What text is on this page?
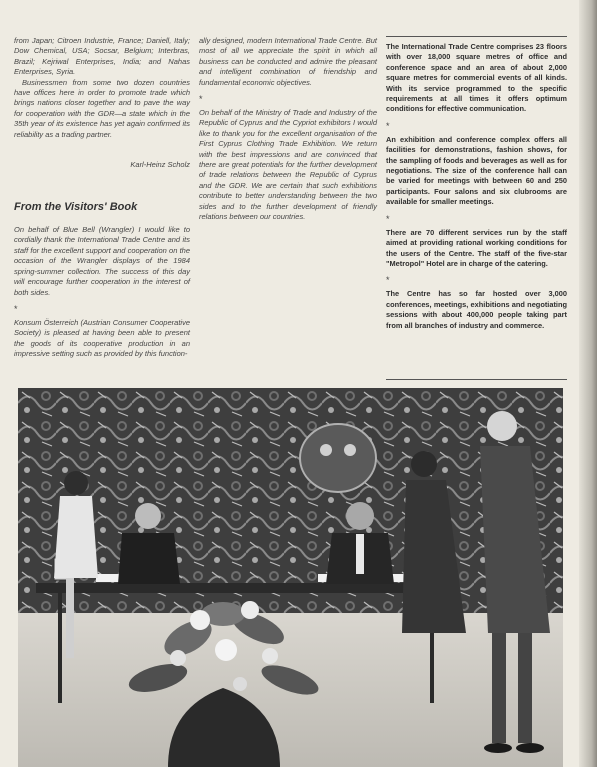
from Japan; Citroen Industrie, France; Daniell, Italy; Dow Chemical, USA; Socsar, Belgium; Interbras, Brazil; Kejriwal Enterprises, India; and Nahas Enterprises, Syria.

Businessmen from some two dozen countries have offices here in order to promote trade which brings nations closer together and to pave the way for cooperation with the GDR—a state which in the 35th year of its existence has yet again confirmed its reliability as a trading partner.

Karl-Heinz Scholz

From the Visitors' Book

On behalf of Blue Bell (Wrangler) I would like to cordially thank the International Trade Centre and its staff for the excellent support and cooperation on the occasion of the Wrangler displays of the 1984 spring-summer collection. The success of this day will encourage further cooperation in the interest of both sides.

*

Konsum Österreich (Austrian Consumer Cooperative Society) is pleased at having been able to present the goods of its cooperative production in an impressive setting such as provided by this function-

ally designed, modern International Trade Centre. But most of all we appreciate the spirit in which all business can be conducted and admire the pleasant and intelligent combination of friendship and fundamental economic objectives.

*

On behalf of the Ministry of Trade and Industry of the Republic of Cyprus and the Cypriot exhibitors I would like to thank you for the excellent organisation of the First Cyprus Clothing Trade Exhibition. We return with the best impressions and are convinced that there are great potentials for the further development of trade relations between the Republic of Cyprus and the GDR. We are certain that such exhibitions contribute to better understanding between the two sides and to the further development of friendly relations between our countries.

The International Trade Centre comprises 23 floors with over 18,000 square metres of office and conference space and an area of about 2,000 square metres for commercial events of all kinds. With its service programmed to the specific requirements at all times it offers optimum conditions for effective communication.

*

An exhibition and conference complex offers all facilities for demonstrations, fashion shows, for the sampling of foods and beverages as well as for negotiations. The size of the conference hall can be varied for meetings with between 60 and 250 participants. Four salons and six clubrooms are available for smaller meetings.

*

There are 70 different services run by the staff aimed at providing rational working conditions for the users of the Centre. The staff of the five-star "Metropol" Hotel are in charge of the catering.

*

The Centre has so far hosted over 3,000 conferences, meetings, exhibitions and negotiating sessions with about 400,000 people taking part from all branches of industry and commerce.
